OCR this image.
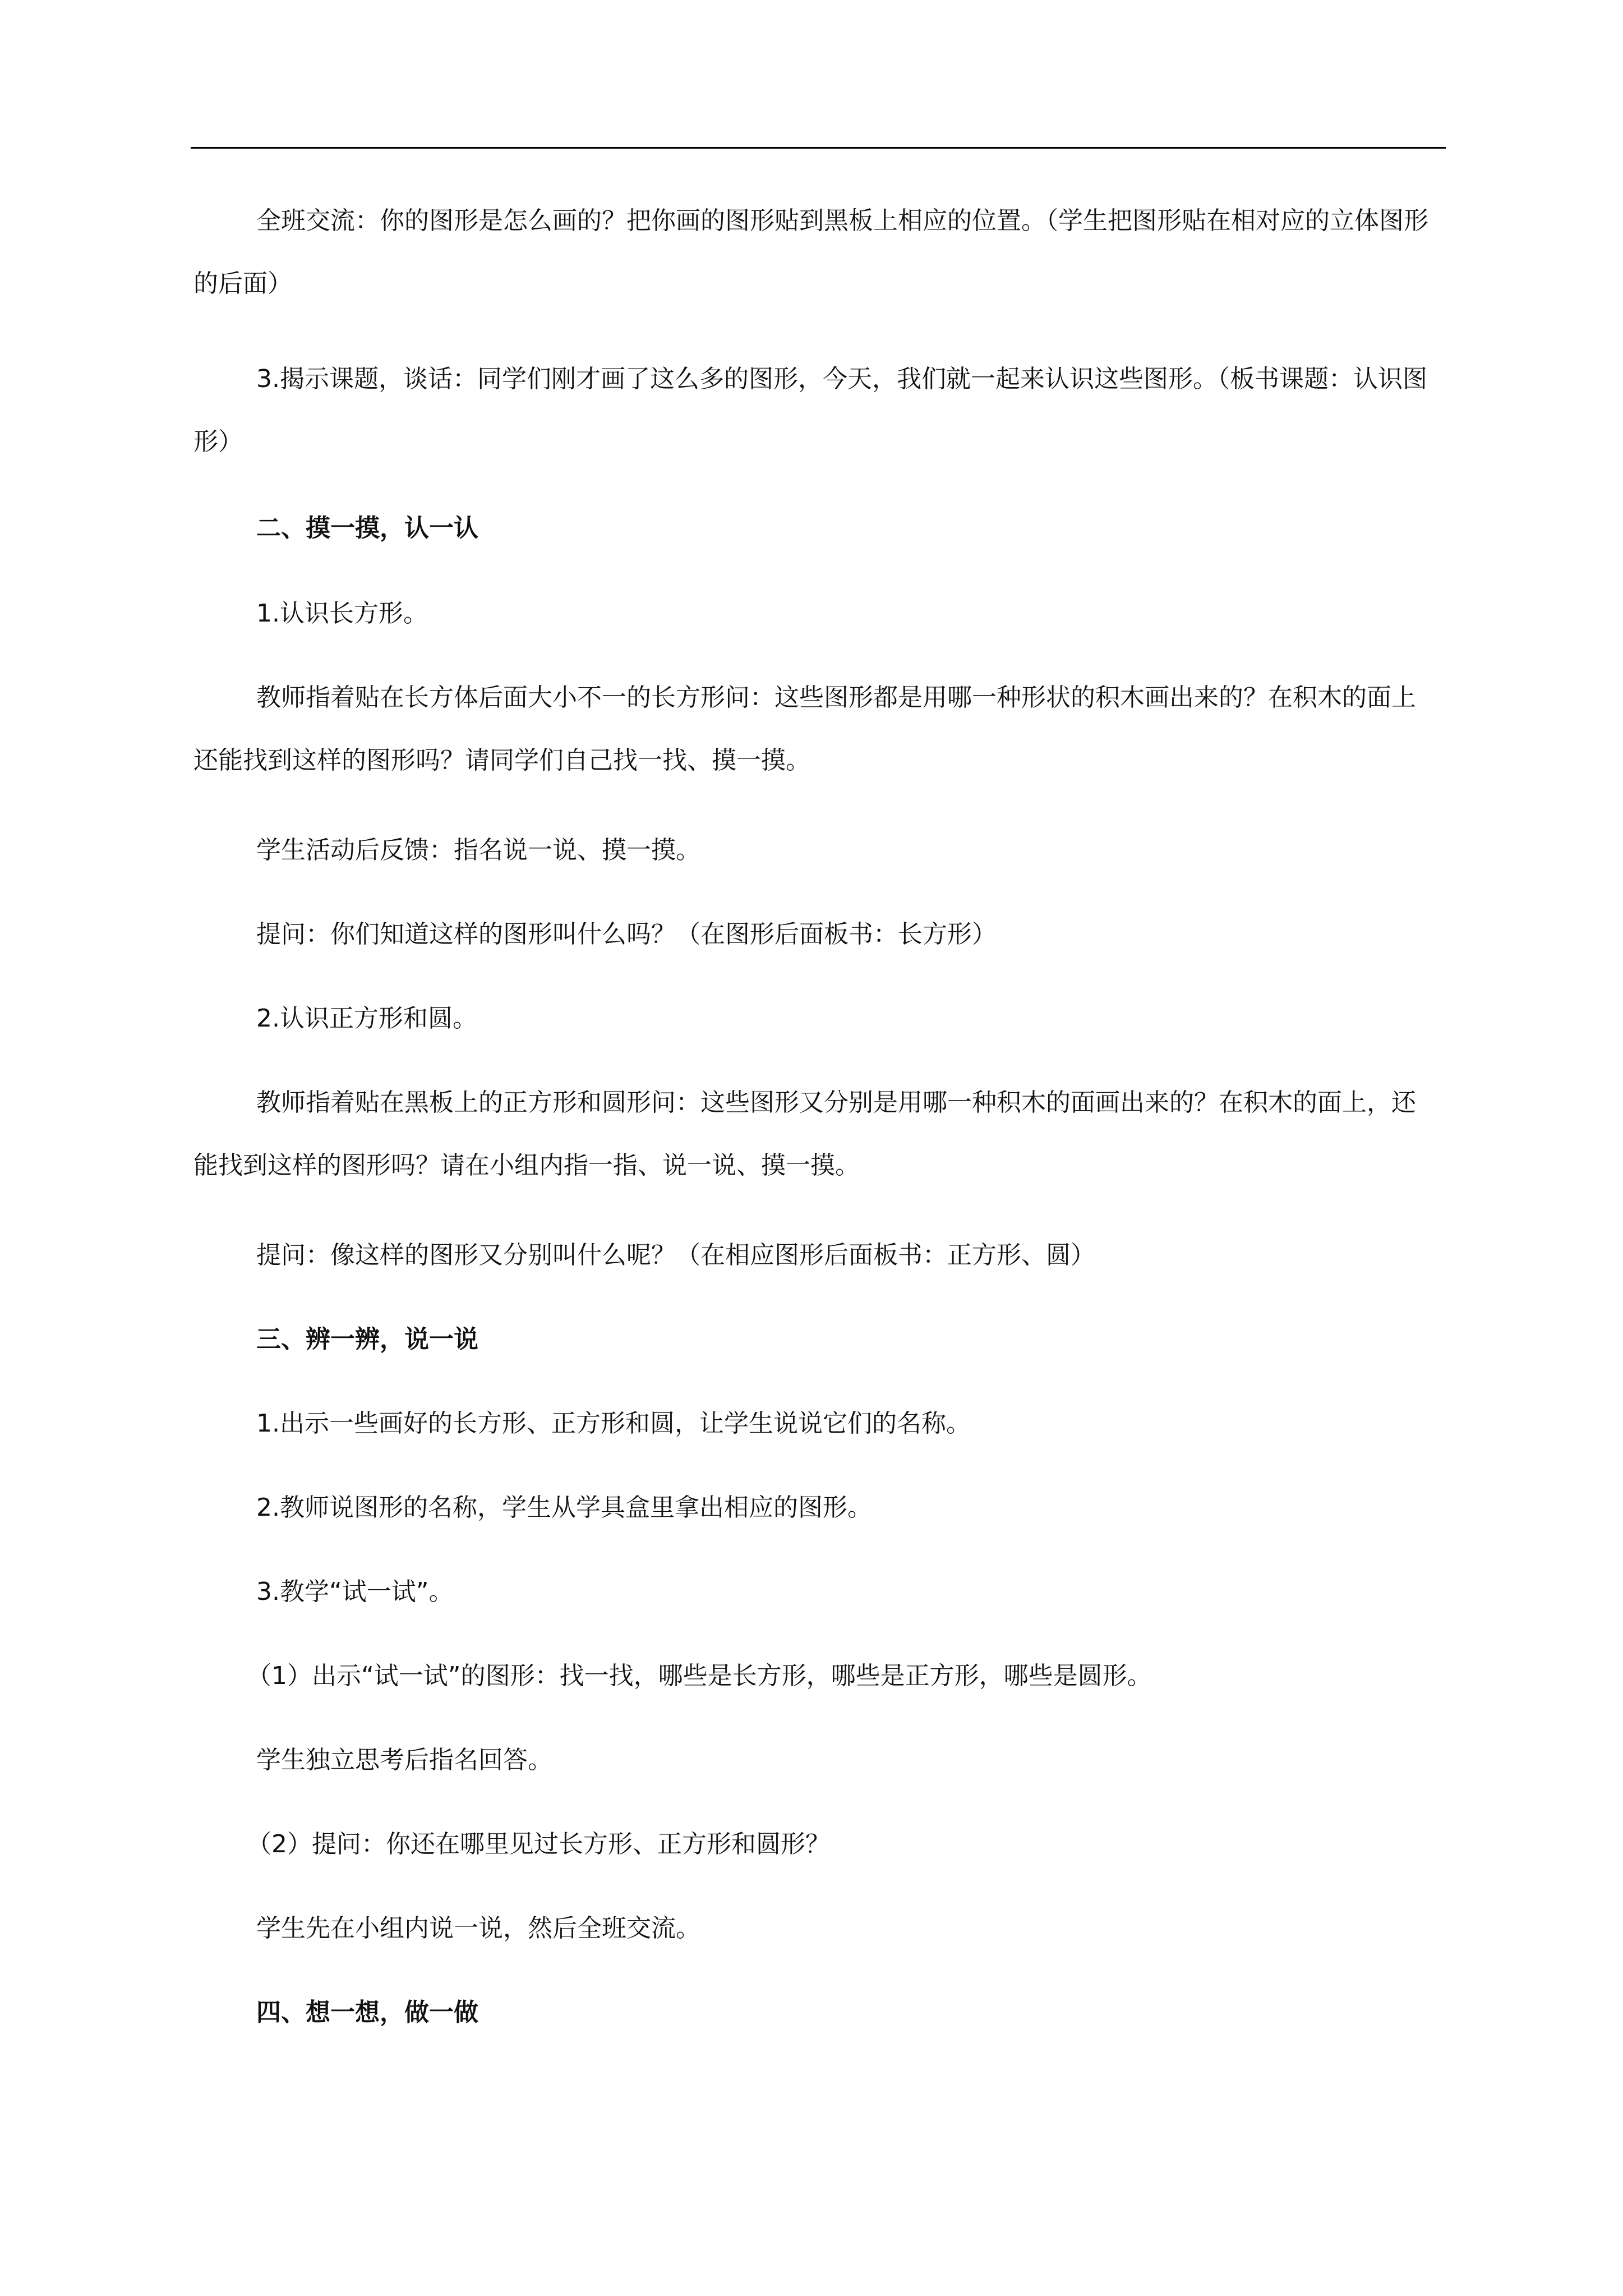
全班交流：你的图形是怎么画的？把你画的图形贴到黑板上相应的位置。（学生把图形贴在相对应的立体图形的后面）

3.揭示课题，谈话：同学们刚才画了这么多的图形，今天，我们就一起来认识这些图形。（板书课题：认识图形）

二、摸一摸，认一认

1.认识长方形。

教师指着贴在长方体后面大小不一的长方形问：这些图形都是用哪一种形状的积木画出来的？在积木的面上还能找到这样的图形吗？请同学们自己找一找、摸一摸。

学生活动后反馈：指名说一说、摸一摸。

提问：你们知道这样的图形叫什么吗？（在图形后面板书：长方形）

2.认识正方形和圆。

教师指着贴在黑板上的正方形和圆形问：这些图形又分别是用哪一种积木的面画出来的？在积木的面上，还能找到这样的图形吗？请在小组内指一指、说一说、摸一摸。

提问：像这样的图形又分别叫什么呢？（在相应图形后面板书：正方形、圆）

三、辨一辨，说一说

1.出示一些画好的长方形、正方形和圆，让学生说说它们的名称。

2.教师说图形的名称，学生从学具盒里拿出相应的图形。

3.教学“试一试”。

（1）出示“试一试”的图形：找一找，哪些是长方形，哪些是正方形，哪些是圆形。

学生独立思考后指名回答。

（2）提问：你还在哪里见过长方形、正方形和圆形？

学生先在小组内说一说，然后全班交流。

四、想一想，做一做
